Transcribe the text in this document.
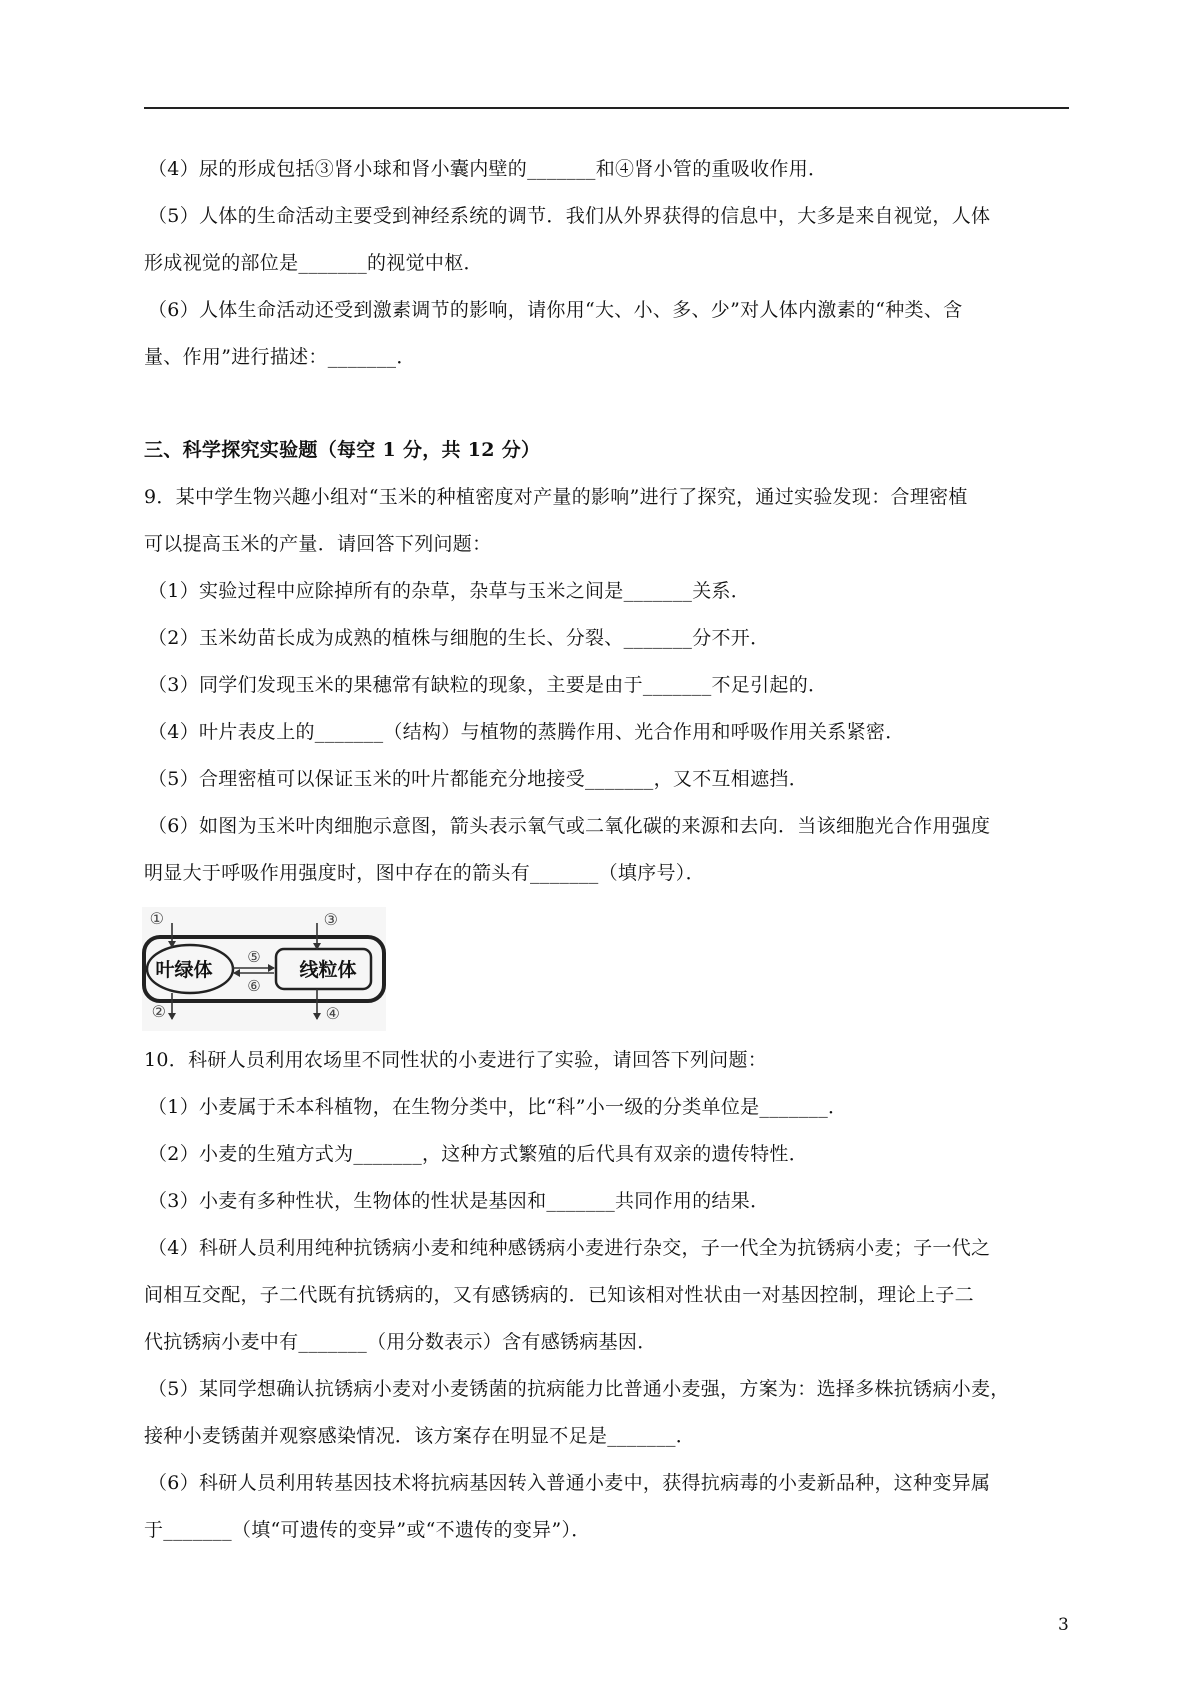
（4）尿的形成包括③肾小球和肾小囊内壁的_______和④肾小管的重吸收作用．
（5）人体的生命活动主要受到神经系统的调节．我们从外界获得的信息中，大多是来自视觉，人体
形成视觉的部位是_______的视觉中枢．
（6）人体生命活动还受到激素调节的影响，请你用“大、小、多、少”对人体内激素的“种类、含
量、作用”进行描述：_______．
三、科学探究实验题（每空 1 分，共 12 分）
9．某中学生物兴趣小组对“玉米的种植密度对产量的影响”进行了探究，通过实验发现：合理密植
可以提高玉米的产量．请回答下列问题：
（1）实验过程中应除掉所有的杂草，杂草与玉米之间是_______关系．
（2）玉米幼苗长成为成熟的植株与细胞的生长、分裂、_______分不开．
（3）同学们发现玉米的果穗常有缺粒的现象，主要是由于_______不足引起的．
（4）叶片表皮上的_______（结构）与植物的蒸腾作用、光合作用和呼吸作用关系紧密．
（5）合理密植可以保证玉米的叶片都能充分地接受_______，又不互相遮挡．
（6）如图为玉米叶肉细胞示意图，箭头表示氧气或二氧化碳的来源和去向．当该细胞光合作用强度
明显大于呼吸作用强度时，图中存在的箭头有_______（填序号）．
叶绿体	线粒体
①
②
③
④
⑤
⑥
10．科研人员利用农场里不同性状的小麦进行了实验，请回答下列问题：
（1）小麦属于禾本科植物，在生物分类中，比“科”小一级的分类单位是_______．
（2）小麦的生殖方式为_______，这种方式繁殖的后代具有双亲的遗传特性．
（3）小麦有多种性状，生物体的性状是基因和_______共同作用的结果．
（4）科研人员利用纯种抗锈病小麦和纯种感锈病小麦进行杂交，子一代全为抗锈病小麦；子一代之
间相互交配，子二代既有抗锈病的，又有感锈病的．已知该相对性状由一对基因控制，理论上子二
代抗锈病小麦中有_______（用分数表示）含有感锈病基因．
（5）某同学想确认抗锈病小麦对小麦锈菌的抗病能力比普通小麦强，方案为：选择多株抗锈病小麦，
接种小麦锈菌并观察感染情况．该方案存在明显不足是_______．
（6）科研人员利用转基因技术将抗病基因转入普通小麦中，获得抗病毒的小麦新品种，这种变异属
于_______（填“可遗传的变异”或“不遗传的变异”）．
3
